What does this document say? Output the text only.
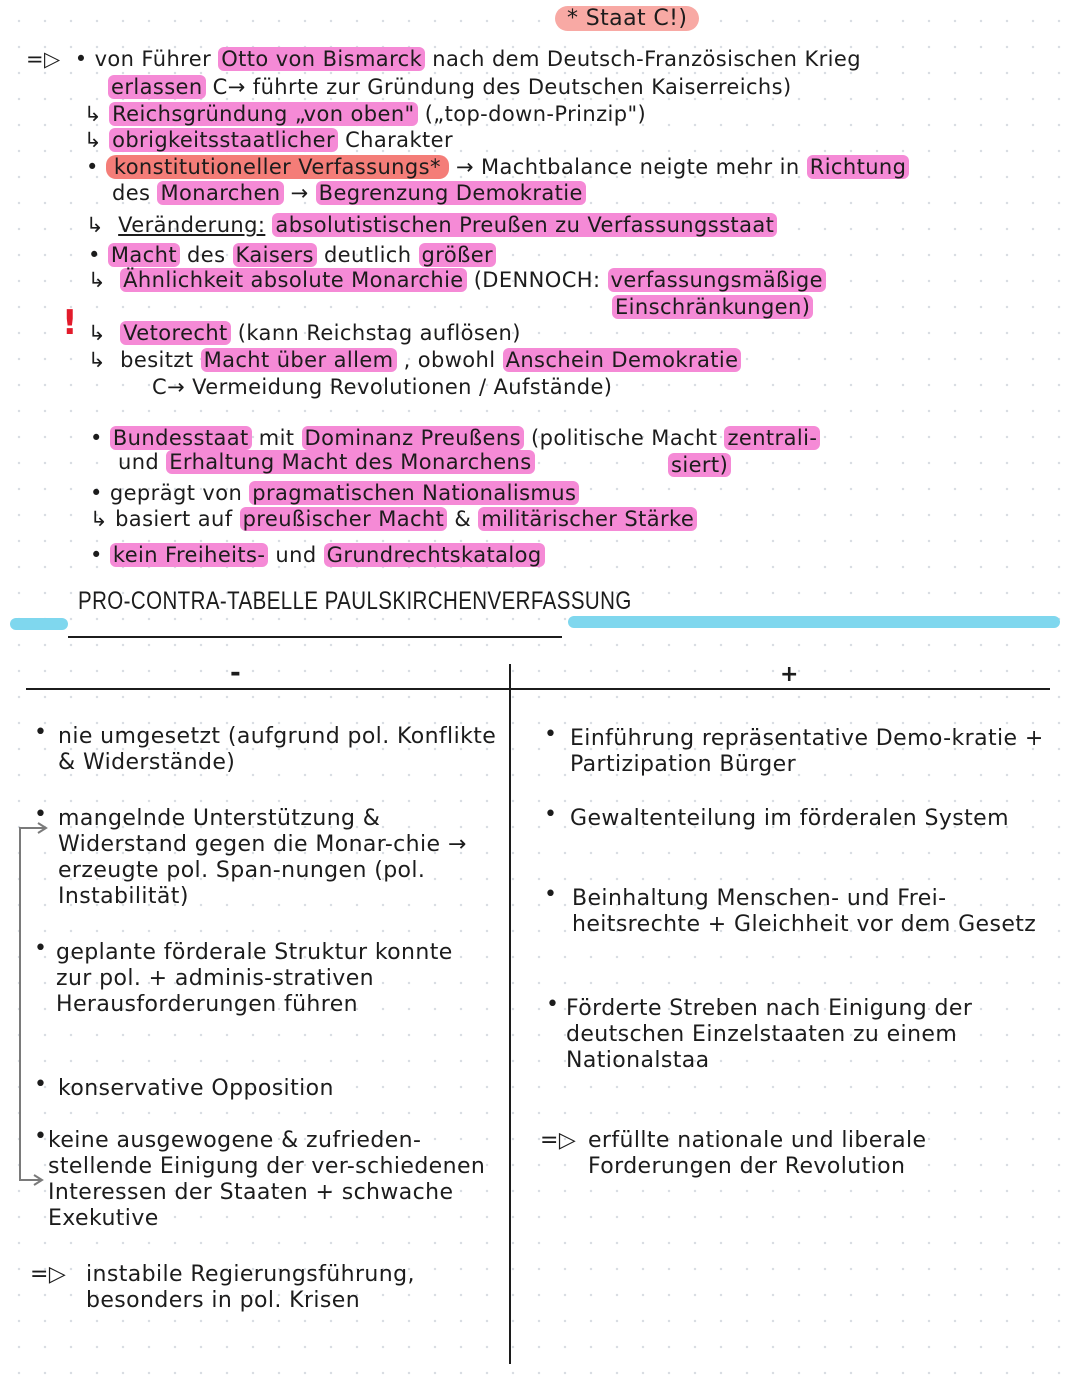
* Staat C!)
=▷ • von Führer Otto von Bismarck nach dem Deutsch-Französischen Krieg
erlassen C→ führte zur Gründung des Deutschen Kaiserreichs)
↳ Reichsgründung „von oben" („top-down-Prinzip")
↳ obrigkeitsstaatlicher Charakter
• konstitutioneller Verfassungs* → Machtbalance neigte mehr in Richtung
des Monarchen → Begrenzung Demokratie
↳ Veränderung: absolutistischen Preußen zu Verfassungsstaat
• Macht des Kaisers deutlich größer
↳ Ähnlichkeit absolute Monarchie (DENNOCH: verfassungsmäßige
Einschränkungen)
! ↳ Vetorecht (kann Reichstag auflösen)
↳ besitzt Macht über allem , obwohl Anschein Demokratie
C→ Vermeidung Revolutionen / Aufstände)
• Bundesstaat mit Dominanz Preußens (politische Macht zentrali-
und Erhaltung Macht des Monarchens	siert)
• geprägt von pragmatischen Nationalismus
↳ basiert auf preußischer Macht & militärischer Stärke
• kein Freiheits- und Grundrechtskatalog
PRO-CONTRA-TABELLE PAULSKIRCHENVERFASSUNG
-	+
• nie umgesetzt (aufgrund pol. Konflikte & Widerstände)
• mangelnde Unterstützung & Widerstand gegen die Monar-chie → erzeugte pol. Span-nungen (pol. Instabilität)
• geplante förderale Struktur konnte zur pol. + adminis-strativen Herausforderungen führen
• konservative Opposition
• keine ausgewogene & zufrieden-stellende Einigung der ver-schiedenen Interessen der Staaten + schwache Exekutive
=▷ instabile Regierungsführung, besonders in pol. Krisen
• Einführung repräsentative Demo-kratie + Partizipation Bürger
• Gewaltenteilung im förderalen System
• Beinhaltung Menschen- und Frei-heitsrechte + Gleichheit vor dem Gesetz
• Förderte Streben nach Einigung der deutschen Einzelstaaten zu einem Nationalstaa
=▷ erfüllte nationale und liberale Forderungen der Revolution
